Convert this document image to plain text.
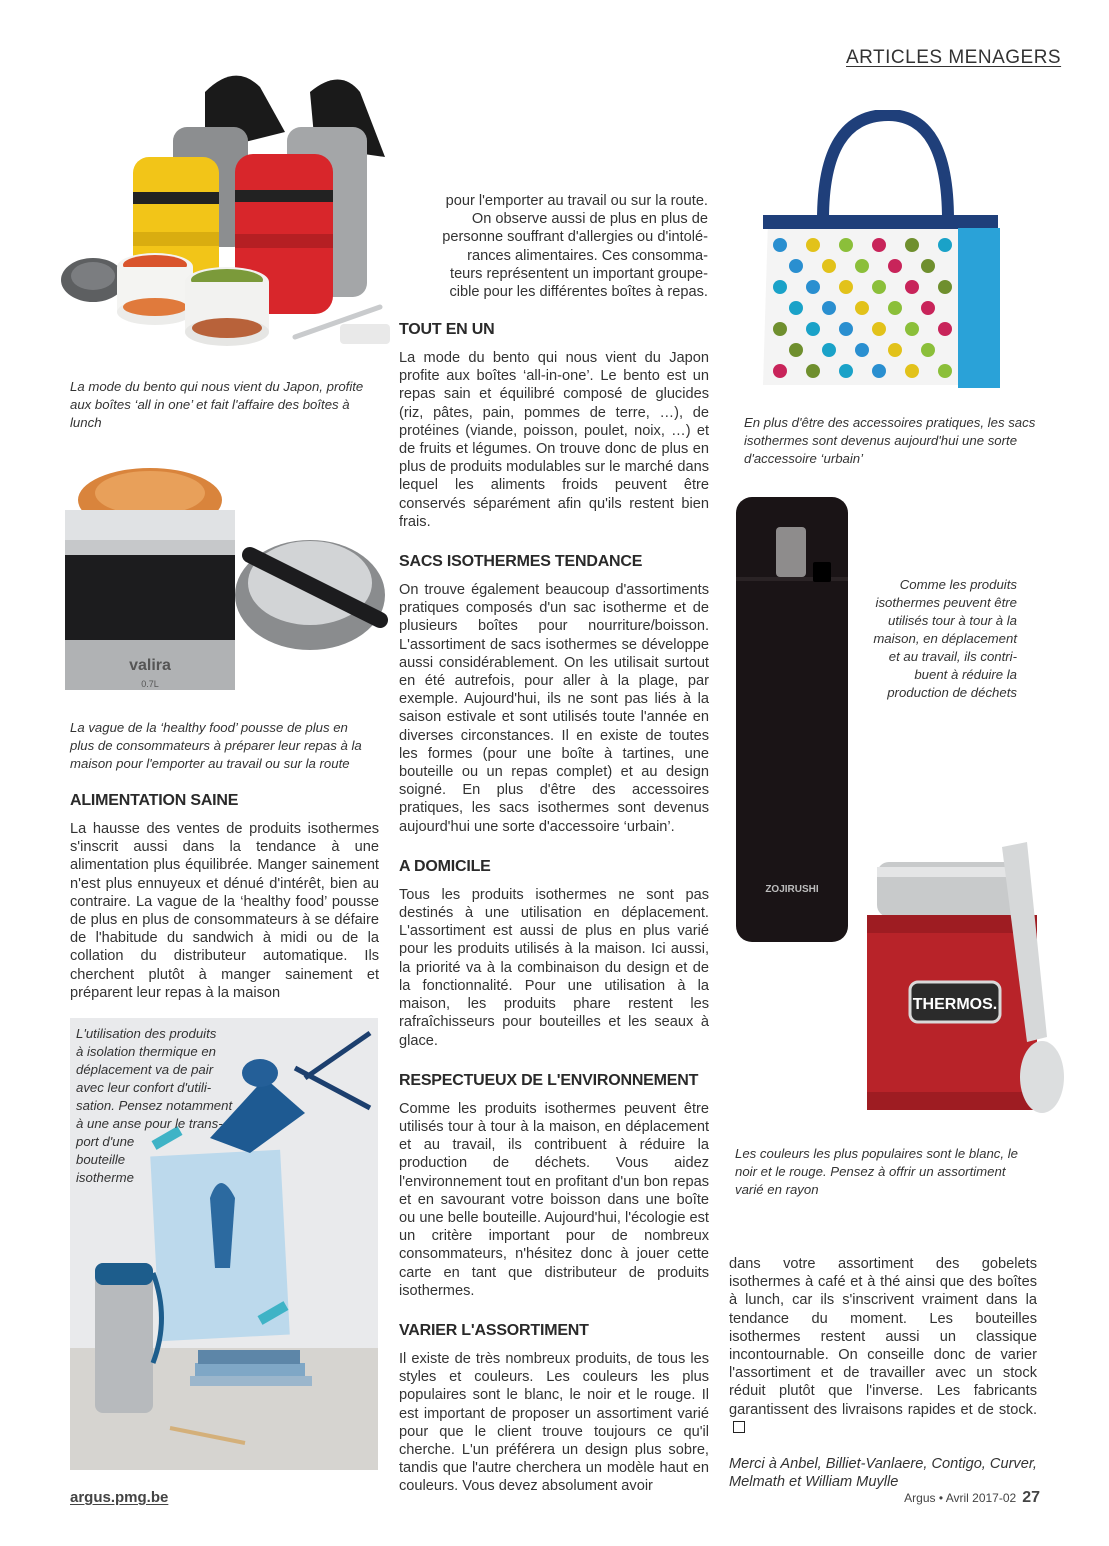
ARTICLES MENAGERS
valira
0.7L
ZOJIRUSHI
THERMOS.

La mode du bento qui nous vient du Japon, profite aux boîtes ‘all in one’ et fait l'affaire des boîtes à lunch

La vague de la ‘healthy food’ pousse de plus en plus de consommateurs à préparer leur repas à la maison pour l'emporter au travail ou sur la route

L'utilisation des produits

à isolation thermique en

déplacement va de pair

avec leur confort d'utili-

sation. Pensez notamment

à une anse pour le trans-

port d'une

bouteille

isotherme

En plus d'être des accessoires pratiques, les sacs isothermes sont devenus aujourd'hui une sorte d'accessoire ‘urbain’

Comme les produits

isothermes peuvent être

utilisés tour à tour à la

maison, en déplacement

et au travail, ils contri-

buent à réduire la

production de déchets

Les couleurs les plus populaires sont le blanc, le noir et le rouge. Pensez à offrir un assortiment varié en rayon

pour l'emporter au travail ou sur la route.
On observe aussi de plus en plus de
personne souffrant d'allergies ou d'intolé-
rances alimentaires. Ces consomma-
teurs représentent un important groupe-
cible pour les différentes boîtes à repas.
TOUT EN UN

La mode du bento qui nous vient du Japon profite aux boîtes ‘all-in-one’. Le bento est un repas sain et équilibré composé de glucides (riz, pâtes, pain, pommes de terre, …), de protéines (viande, poisson, poulet, noix, …) et de fruits et légumes. On trouve donc de plus en plus de produits modulables sur le marché dans lequel les aliments froids peuvent être conservés séparément afin qu'ils restent bien frais.

SACS ISOTHERMES TENDANCE

On trouve également beaucoup d'assortiments pratiques composés d'un sac isotherme et de plusieurs boîtes pour nourriture/boisson. L'assortiment de sacs isothermes se développe aussi considérablement. On les utilisait surtout en été autrefois, pour aller à la plage, par exemple. Aujourd'hui, ils ne sont pas liés à la saison estivale et sont utilisés toute l'année en diverses circonstances. Il en existe de toutes les formes (pour une boîte à tartines, une bouteille ou un repas complet) et au design soigné. En plus d'être des accessoires pratiques, les sacs isothermes sont devenus aujourd'hui une sorte d'accessoire ‘urbain’.

A DOMICILE

Tous les produits isothermes ne sont pas destinés à une utilisation en déplacement. L'assortiment est aussi de plus en plus varié pour les produits utilisés à la maison. Ici aussi, la priorité va à la combinaison du design et de la fonctionnalité. Pour une utilisation à la maison, les produits phare restent les rafraîchisseurs pour bouteilles et les seaux à glace.

RESPECTUEUX DE L'ENVIRONNEMENT

Comme les produits isothermes peuvent être utilisés tour à tour à la maison, en déplacement et au travail, ils contribuent à réduire la production de déchets. Vous aidez l'environnement tout en profitant d'un bon repas et en savourant votre boisson dans une boîte ou une belle bouteille. Aujourd'hui, l'écologie est un critère important pour de nombreux consommateurs, n'hésitez donc à jouer cette carte en tant que distributeur de produits isothermes.

VARIER L'ASSORTIMENT

Il existe de très nombreux produits, de tous les styles et couleurs. Les couleurs les plus populaires sont le blanc, le noir et le rouge. Il est important de proposer un assortiment varié pour que le client trouve toujours ce qu'il cherche. L'un préférera un design plus sobre, tandis que l'autre cherchera un modèle haut en couleurs. Vous devez absolument avoir

ALIMENTATION SAINE

La hausse des ventes de produits isothermes s'inscrit aussi dans la tendance à une alimentation plus équilibrée. Manger sainement n'est plus ennuyeux et dénué d'intérêt, bien au contraire. La vague de la ‘healthy food’ pousse de plus en plus de consommateurs à se défaire de l'habitude du sandwich à midi ou de la collation du distributeur automatique. Ils cherchent plutôt à manger sainement et préparent leur repas à la maison

dans votre assortiment des gobelets isothermes à café et à thé ainsi que des boîtes à lunch, car ils s'inscrivent vraiment dans la tendance du moment. Les bouteilles isothermes restent aussi un classique incontournable. On conseille donc de varier l'assortiment et de travailler avec un stock réduit plutôt que l'inverse. Les fabricants garantissent des livraisons rapides et de stock.

Merci à Anbel, Billiet-Vanlaere, Contigo, Curver, Melmath et William Muylle

argus.pmg.be	Argus • Avril 2017-02 27
